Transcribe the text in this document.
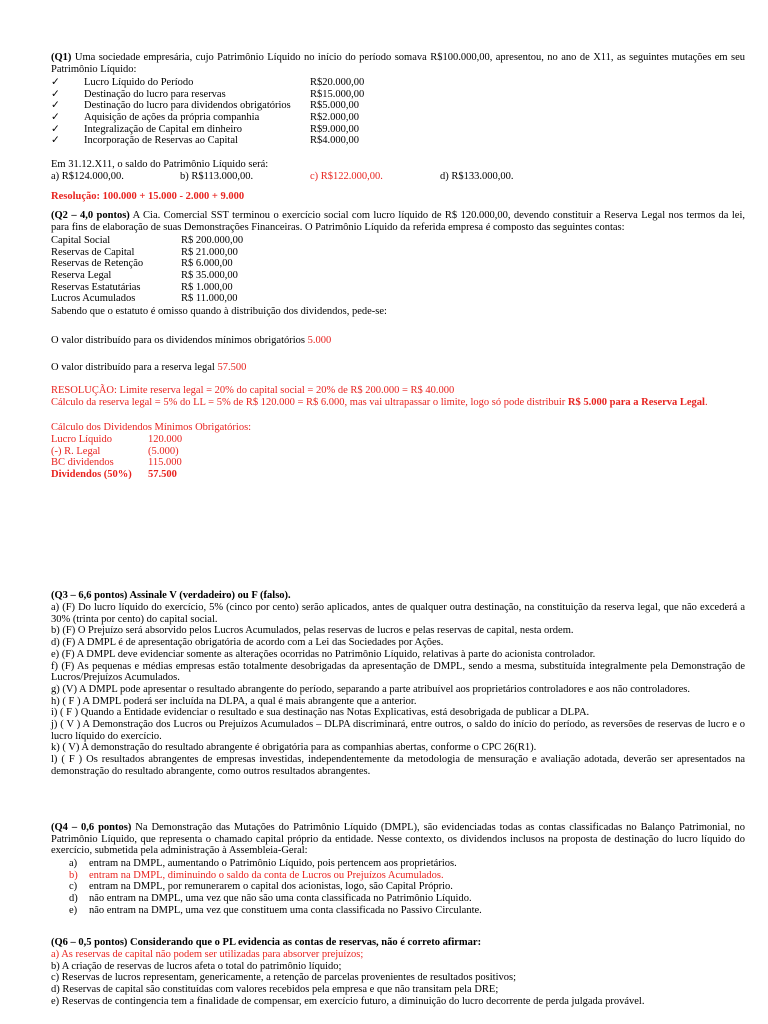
(Q1) Uma sociedade empresária, cujo Patrimônio Líquido no início do período somava R$100.000,00, apresentou, no ano de X11, as seguintes mutações em seu Patrimônio Líquido:
✓ Lucro Líquido do Período	R$20.000,00
✓ Destinação do lucro para reservas	R$15.000,00
✓ Destinação do lucro para dividendos obrigatórios R$5.000,00
✓ Aquisição de ações da própria companhia	R$2.000,00
✓ Integralização de Capital em dinheiro	R$9.000,00
✓ Incorporação de Reservas ao Capital	R$4.000,00
Em 31.12.X11, o saldo do Patrimônio Líquido será:
a) R$124.000,00.	b) R$113.000,00.	c) R$122.000,00.	d) R$133.000,00.
Resolução: 100.000 + 15.000 - 2.000 + 9.000
(Q2 – 4,0 pontos) A Cia. Comercial SST terminou o exercício social com lucro líquido de R$ 120.000,00, devendo constituir a Reserva Legal nos termos da lei, para fins de elaboração de suas Demonstrações Financeiras. O Patrimônio Líquido da referida empresa é composto das seguintes contas:
Capital Social	R$ 200.000,00
Reservas de Capital	R$ 21.000,00
Reservas de Retenção	R$ 6.000,00
Reserva Legal	R$ 35.000,00
Reservas Estatutárias	R$ 1.000,00
Lucros Acumulados	R$ 11.000,00
Sabendo que o estatuto é omisso quando à distribuição dos dividendos, pede-se:
O valor distribuído para os dividendos mínimos obrigatórios 5.000
O valor distribuído para a reserva legal 57.500
RESOLUÇÃO: Limite reserva legal = 20% do capital social = 20% de R$ 200.000 = R$ 40.000
Cálculo da reserva legal = 5% do LL = 5% de R$ 120.000 = R$ 6.000, mas vai ultrapassar o limite, logo só pode distribuir R$ 5.000 para a Reserva Legal.
Cálculo dos Dividendos Mínimos Obrigatórios:
Lucro Líquido	120.000
(-) R. Legal	(5.000)
BC dividendos	115.000
Dividendos (50%) 57.500
(Q3 – 6,6 pontos) Assinale V (verdadeiro) ou F (falso).

a) (F) Do lucro líquido do exercício, 5% (cinco por cento) serão aplicados, antes de qualquer outra destinação, na constituição da reserva legal, que não excederá a 30% (trinta por cento) do capital social.

b) (F) O Prejuízo será absorvido pelos Lucros Acumulados, pelas reservas de lucros e pelas reservas de capital, nesta ordem.

d) (F) A DMPL é de apresentação obrigatória de acordo com a Lei das Sociedades por Ações.

e) (F) A DMPL deve evidenciar somente as alterações ocorridas no Patrimônio Líquido, relativas à parte do acionista controlador.

f) (F) As pequenas e médias empresas estão totalmente desobrigadas da apresentação de DMPL, sendo a mesma, substituída integralmente pela Demonstração de Lucros/Prejuízos Acumulados.

g) (V) A DMPL pode apresentar o resultado abrangente do período, separando a parte atribuível aos proprietários controladores e aos não controladores.

h) ( F ) A DMPL poderá ser incluída na DLPA, a qual é mais abrangente que a anterior.

i) ( F ) Quando a Entidade evidenciar o resultado e sua destinação nas Notas Explicativas, está desobrigada de publicar a DLPA.

j) ( V ) A Demonstração dos Lucros ou Prejuízos Acumulados – DLPA discriminará, entre outros, o saldo do início do período, as reversões de reservas de lucro e o lucro líquido do exercício.

k) ( V) A demonstração do resultado abrangente é obrigatória para as companhias abertas, conforme o CPC 26(R1).

l) ( F ) Os resultados abrangentes de empresas investidas, independentemente da metodologia de mensuração e avaliação adotada, deverão ser apresentados na demonstração do resultado abrangente, como outros resultados abrangentes.

(Q4 – 0,6 pontos) Na Demonstração das Mutações do Patrimônio Líquido (DMPL), são evidenciadas todas as contas classificadas no Balanço Patrimonial, no Patrimônio Líquido, que representa o chamado capital próprio da entidade. Nesse contexto, os dividendos inclusos na proposta de destinação do lucro líquido do exercício, submetida pela administração à Assembleia-Geral:
a) entram na DMPL, aumentando o Patrimônio Líquido, pois pertencem aos proprietários.
b) entram na DMPL, diminuindo o saldo da conta de Lucros ou Prejuízos Acumulados.
c) entram na DMPL, por remunerarem o capital dos acionistas, logo, são Capital Próprio.
d) não entram na DMPL, uma vez que não são uma conta classificada no Patrimônio Líquido.
e) não entram na DMPL, uma vez que constituem uma conta classificada no Passivo Circulante.
(Q6 – 0,5 pontos) Considerando que o PL evidencia as contas de reservas, não é correto afirmar:

a) As reservas de capital não podem ser utilizadas para absorver prejuízos;

b) A criação de reservas de lucros afeta o total do patrimônio líquido;

c) Reservas de lucros representam, genericamente, a retenção de parcelas provenientes de resultados positivos;

d) Reservas de capital são constituídas com valores recebidos pela empresa e que não transitam pela DRE;

e) Reservas de contingencia tem a finalidade de compensar, em exercício futuro, a diminuição do lucro decorrente de perda julgada provável.
